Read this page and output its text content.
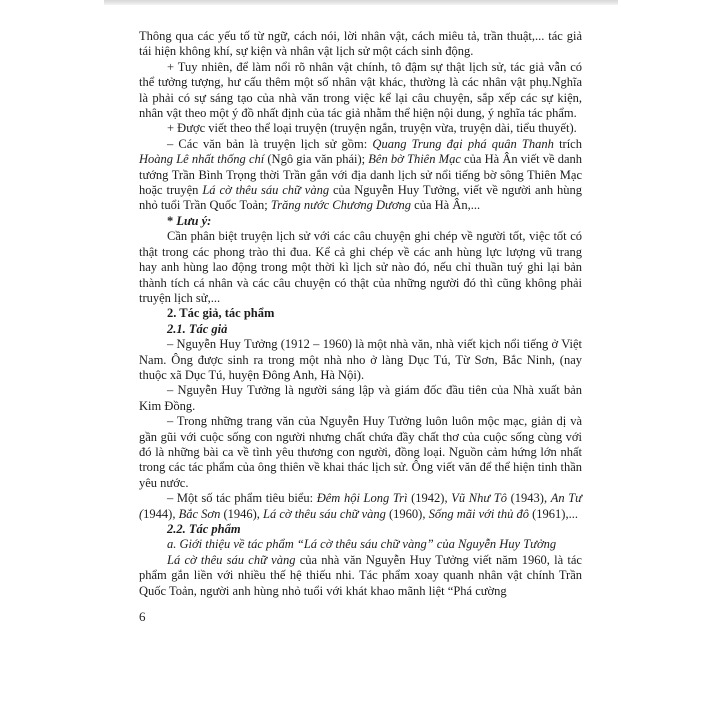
Thông qua các yếu tố từ ngữ, cách nói, lời nhân vật, cách miêu tả, trần thuật,... tác giả tái hiện không khí, sự kiện và nhân vật lịch sử một cách sinh động.

+ Tuy nhiên, để làm nổi rõ nhân vật chính, tô đậm sự thật lịch sử, tác giả vẫn có thể tưởng tượng, hư cấu thêm một số nhân vật khác, thường là các nhân vật phụ.Nghĩa là phải có sự sáng tạo của nhà văn trong việc kể lại câu chuyện, sắp xếp các sự kiện, nhân vật theo một ý đồ nhất định của tác giả nhằm thể hiện nội dung, ý nghĩa tác phẩm.

+ Được viết theo thể loại truyện (truyện ngắn, truyện vừa, truyện dài, tiểu thuyết).

– Các văn bản là truyện lịch sử gồm: Quang Trung đại phá quân Thanh trích Hoàng Lê nhất thống chí (Ngô gia văn phái); Bên bờ Thiên Mạc của Hà Ân viết về danh tướng Trần Bình Trọng thời Trần gắn với địa danh lịch sử nổi tiếng bờ sông Thiên Mạc hoặc truyện Lá cờ thêu sáu chữ vàng của Nguyễn Huy Tưởng, viết về người anh hùng nhỏ tuổi Trần Quốc Toản; Trăng nước Chương Dương của Hà Ân,...

* Lưu ý:

Cần phân biệt truyện lịch sử với các câu chuyện ghi chép về người tốt, việc tốt có thật trong các phong trào thi đua. Kể cả ghi chép về các anh hùng lực lượng vũ trang hay anh hùng lao động trong một thời kì lịch sử nào đó, nếu chỉ thuần tuý ghi lại bản thành tích cá nhân và các câu chuyện có thật của những người đó thì cũng không phải truyện lịch sử,...

2. Tác giả, tác phẩm

2.1. Tác giả

– Nguyễn Huy Tưởng (1912 – 1960) là một nhà văn, nhà viết kịch nổi tiếng ở Việt Nam. Ông được sinh ra trong một nhà nho ở làng Dục Tú, Từ Sơn, Bắc Ninh, (nay thuộc xã Dục Tú, huyện Đông Anh, Hà Nội).

– Nguyễn Huy Tưởng là người sáng lập và giám đốc đầu tiên của Nhà xuất bản Kim Đồng.

– Trong những trang văn của Nguyễn Huy Tưởng luôn luôn mộc mạc, giản dị và gần gũi với cuộc sống con người nhưng chất chứa đầy chất thơ của cuộc sống cùng với đó là những bài ca về tình yêu thương con người, đồng loại. Nguồn cảm hứng lớn nhất trong các tác phẩm của ông thiên về khai thác lịch sử. Ông viết văn để thể hiện tinh thần yêu nước.

– Một số tác phẩm tiêu biểu: Đêm hội Long Trì (1942), Vũ Như Tô (1943), An Tư (1944), Bắc Sơn (1946), Lá cờ thêu sáu chữ vàng (1960), Sống mãi với thủ đô (1961),...

2.2. Tác phẩm

a. Giới thiệu về tác phẩm “Lá cờ thêu sáu chữ vàng” của Nguyễn Huy Tưởng

Lá cờ thêu sáu chữ vàng của nhà văn Nguyễn Huy Tưởng viết năm 1960, là tác phẩm gắn liền với nhiều thế hệ thiếu nhi. Tác phẩm xoay quanh nhân vật chính Trần Quốc Toản, người anh hùng nhỏ tuổi với khát khao mãnh liệt “Phá cường

6
